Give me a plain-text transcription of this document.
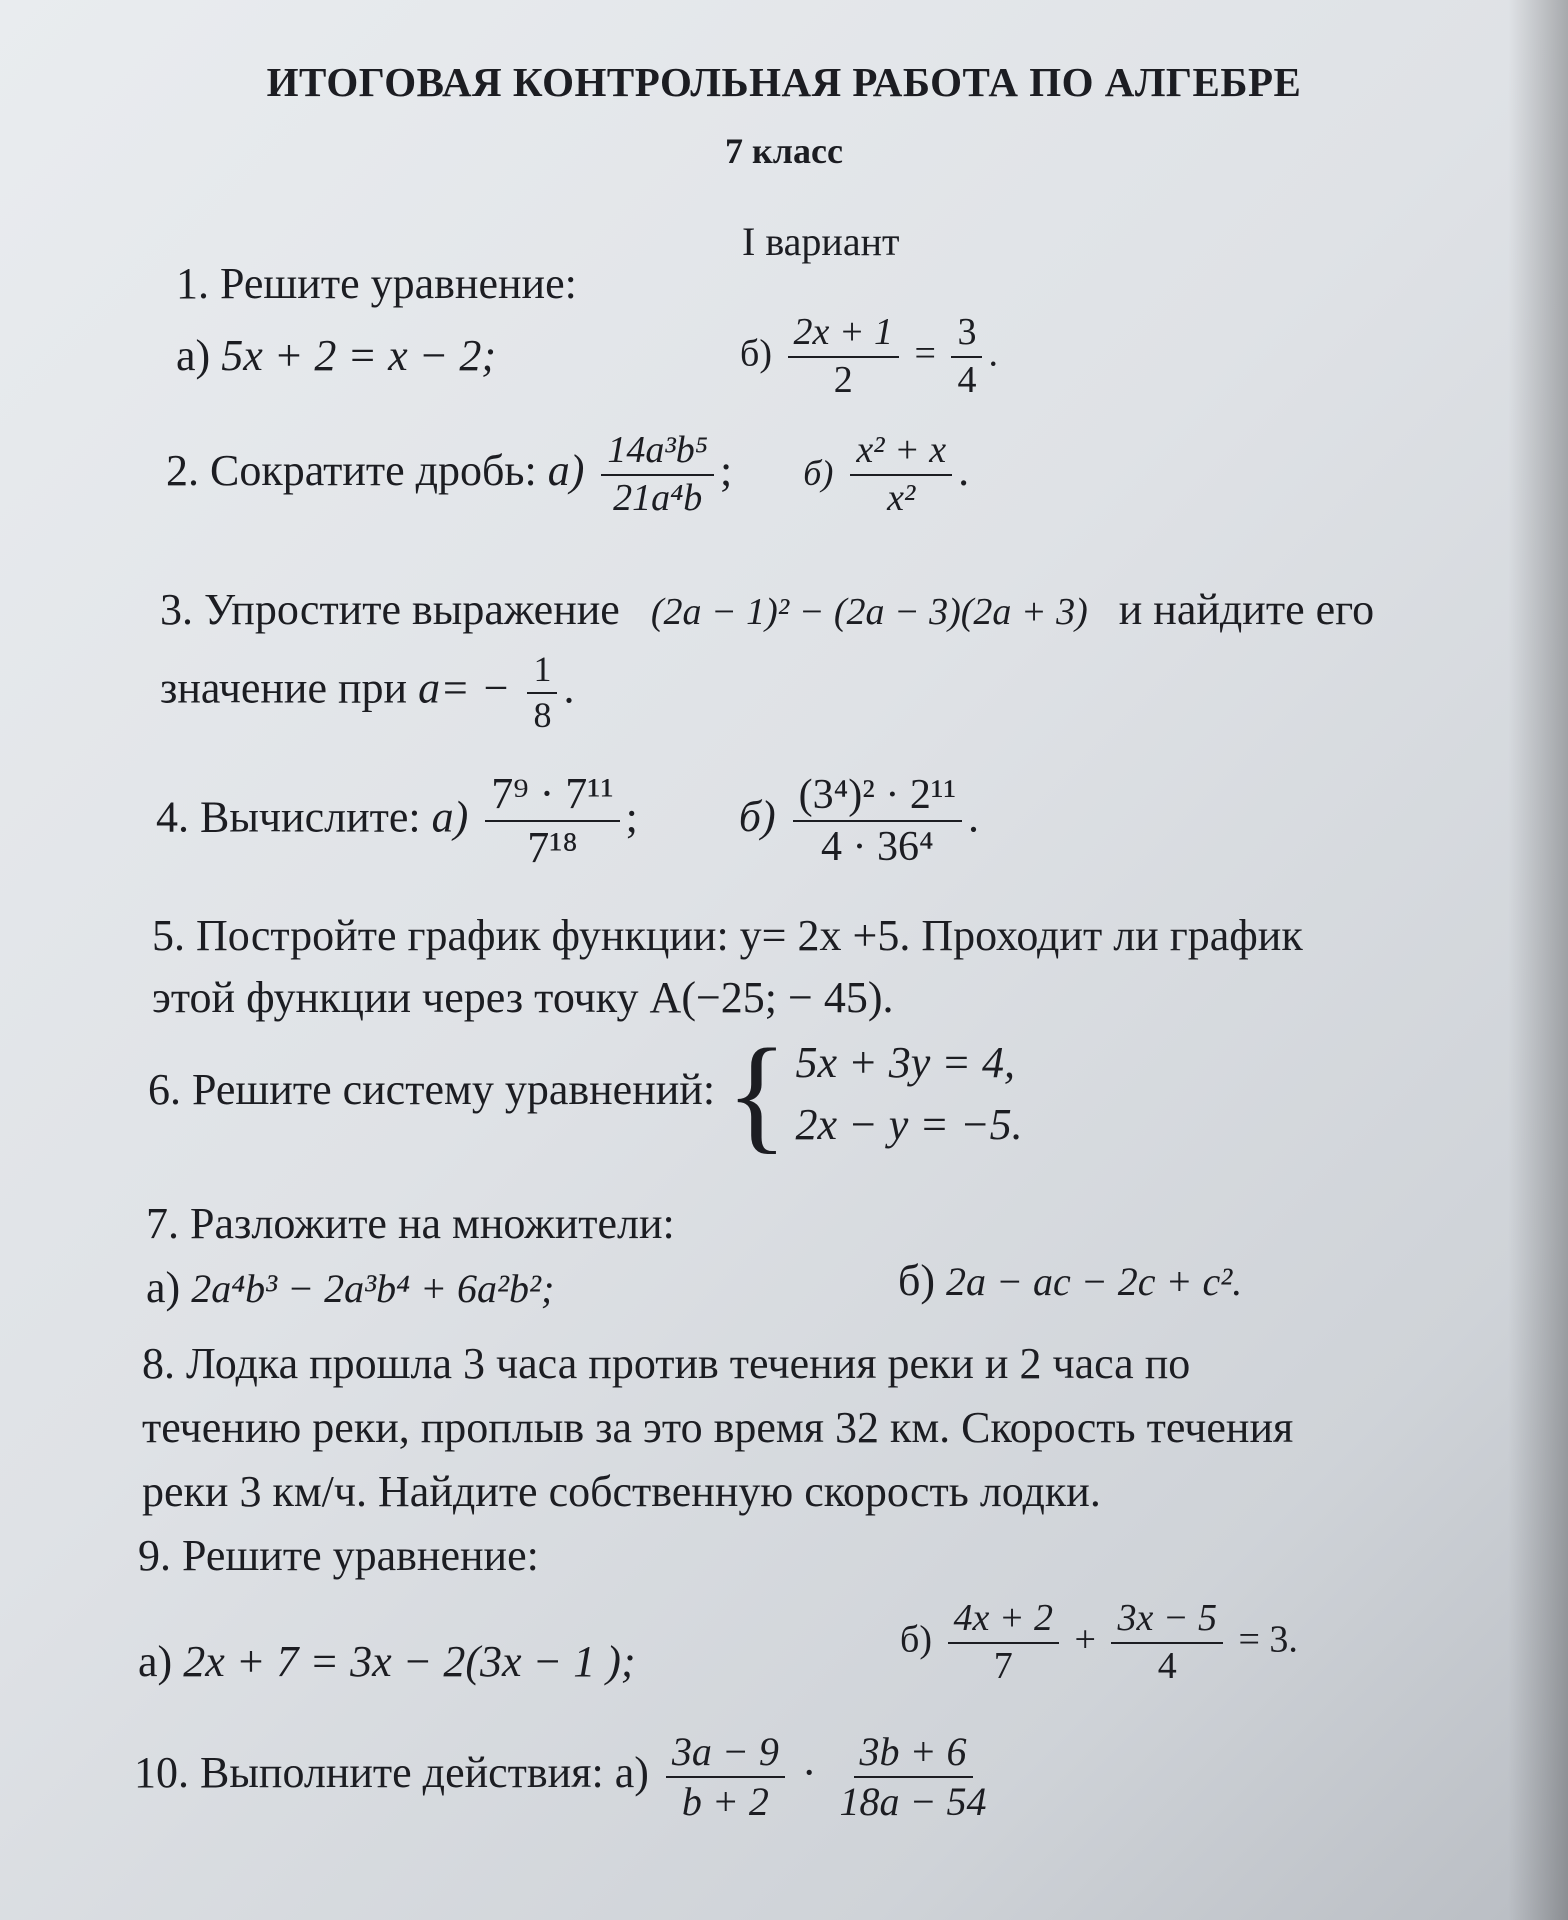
ИТОГОВАЯ КОНТРОЛЬНАЯ РАБОТА ПО АЛГЕБРЕ
7 класс
I вариант
1. Решите уравнение:
а) 5x + 2 = x − 2;	$б) \frac{2x + 1}{2} = \frac{3}{4}$ .
2. Сократите дробь: $а) \frac{\text{14a³b⁵}}{\text{21a⁴b}}$ ; $б) \frac{\text{x² + x}}{\text{x²}}$ .
3. Упростите выражение (2a − 1)² − (2a − 3)(2a + 3) и найдите его
значение при $a= - \frac{1}{8}$ .
4. Вычислите: $а) \frac{\text{7⁹ · 7¹¹}}{\text{7¹⁸}}$ ; $б) \frac{\text{(3⁴)² · 2¹¹}}{\text{4 · 36⁴}}$ .
5. Постройте график функции: y= 2x +5. Проходит ли график
этой функции через точку A(−25; − 45).
6. Решите систему уравнений: { 5x + 3y = 4,
2x − y = −5.
7. Разложите на множители:
а) 2a⁴b³ − 2a³b⁴ + 6a²b²;	б) 2a − ac − 2c + c².
8. Лодка прошла 3 часа против течения реки и 2 часа по
течению реки, проплыв за это время 32 км. Скорость течения
реки 3 км/ч. Найдите собственную скорость лодки.
9. Решите уравнение:
а) 2x + 7 = 3x − 2(3x − 1 );	$б) \frac{4x + 2}{7} + \frac{3x - 5}{4} = 3$.
10. Выполните действия: $а) \frac{3a - 9}{b + 2} \cdot \frac{3b + 6}{18a - 54}$
